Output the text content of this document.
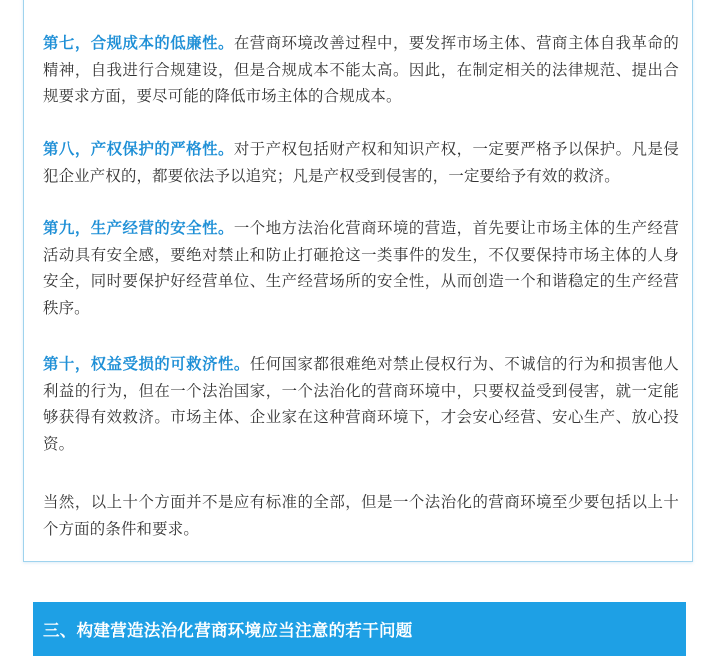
第七，合规成本的低廉性。在营商环境改善过程中，要发挥市场主体、营商主体自我革命的精神，自我进行合规建设，但是合规成本不能太高。因此，在制定相关的法律规范、提出合规要求方面，要尽可能的降低市场主体的合规成本。

第八，产权保护的严格性。对于产权包括财产权和知识产权，一定要严格予以保护。凡是侵犯企业产权的，都要依法予以追究；凡是产权受到侵害的，一定要给予有效的救济。

第九，生产经营的安全性。一个地方法治化营商环境的营造，首先要让市场主体的生产经营活动具有安全感，要绝对禁止和防止打砸抢这一类事件的发生，不仅要保持市场主体的人身安全，同时要保护好经营单位、生产经营场所的安全性，从而创造一个和谐稳定的生产经营秩序。

第十，权益受损的可救济性。任何国家都很难绝对禁止侵权行为、不诚信的行为和损害他人利益的行为，但在一个法治国家，一个法治化的营商环境中，只要权益受到侵害，就一定能够获得有效救济。市场主体、企业家在这种营商环境下，才会安心经营、安心生产、放心投资。

当然，以上十个方面并不是应有标准的全部，但是一个法治化的营商环境至少要包括以上十个方面的条件和要求。

三、构建营造法治化营商环境应当注意的若干问题
